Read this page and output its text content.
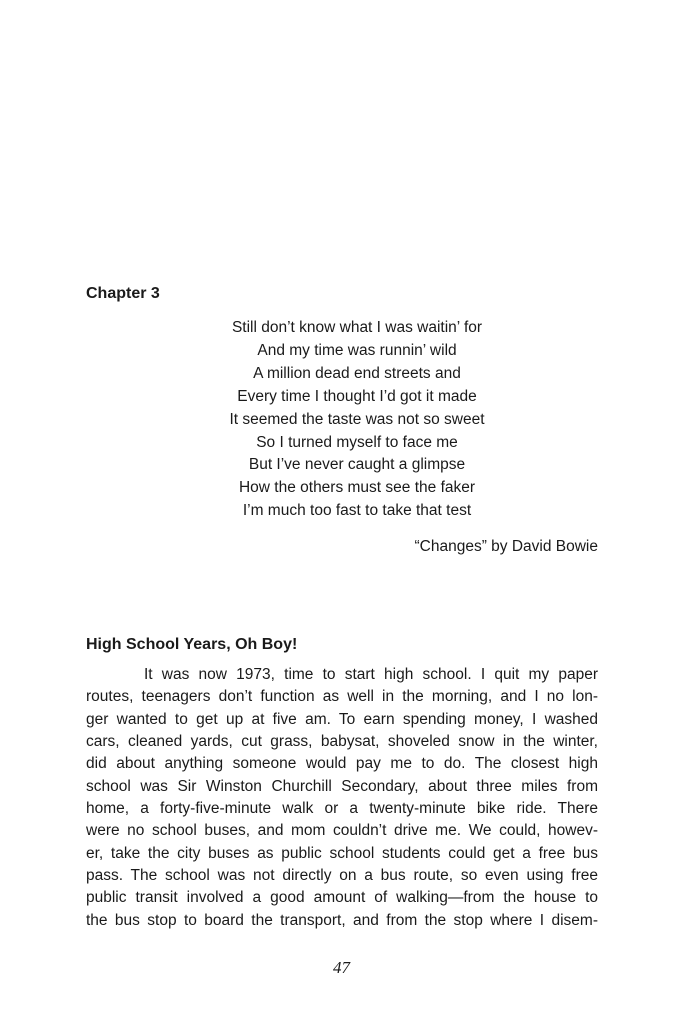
Chapter 3
Still don’t know what I was waitin’ for
And my time was runnin’ wild
A million dead end streets and
Every time I thought I’d got it made
It seemed the taste was not so sweet
So I turned myself to face me
But I’ve never caught a glimpse
How the others must see the faker
I’m much too fast to take that test

“Changes” by David Bowie

High School Years, Oh Boy!
It was now 1973, time to start high school. I quit my paper
routes, teenagers don’t function as well in the morning, and I no lon-
ger wanted to get up at five am. To earn spending money, I washed
cars, cleaned yards, cut grass, babysat, shoveled snow in the winter,
did about anything someone would pay me to do. The closest high
school was Sir Winston Churchill Secondary, about three miles from
home, a forty-five-minute walk or a twenty-minute bike ride. There
were no school buses, and mom couldn’t drive me. We could, howev-
er, take the city buses as public school students could get a free bus
pass. The school was not directly on a bus route, so even using free
public transit involved a good amount of walking—from the house to
the bus stop to board the transport, and from the stop where I disem-

47
